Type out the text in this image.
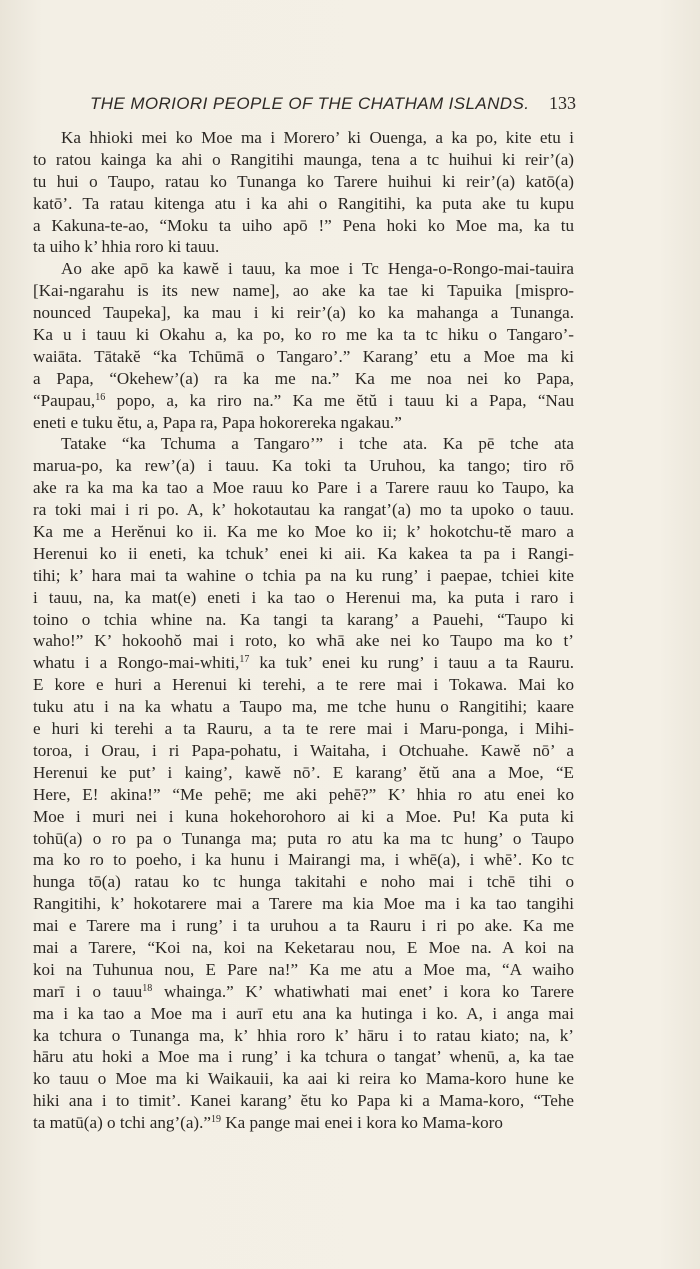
THE MORIORI PEOPLE OF THE CHATHAM ISLANDS. 133
Ka hhioki mei ko Moe ma i Morero’ ki Ouenga, a ka po, kite etu i
to ratou kainga ka ahi o Rangitihi maunga, tena a tc huihui ki reir’(a)
tu hui o Taupo, ratau ko Tunanga ko Tarere huihui ki reir’(a) katō(a)
katō’. Ta ratau kitenga atu i ka ahi o Rangitihi, ka puta ake tu kupu
a Kakuna-te-ao, “Moku ta uiho apō !” Pena hoki ko Moe ma, ka tu
ta uiho k’ hhia roro ki tauu.
Ao ake apō ka kawĕ i tauu, ka moe i Tc Henga-o-Rongo-mai-tauira
[Kai-ngarahu is its new name], ao ake ka tae ki Tapuika [mispro-
nounced Taupeka], ka mau i ki reir’(a) ko ka mahanga a Tunanga.
Ka u i tauu ki Okahu a, ka po, ko ro me ka ta tc hiku o Tangaro’-
waiāta. Tātakĕ “ka Tchūmā o Tangaro’.” Karang’ etu a Moe ma ki
a Papa, “Okehew’(a) ra ka me na.” Ka me noa nei ko Papa,
“Paupau,$^{16}$ popo, a, ka riro na.” Ka me ĕtŭ i tauu ki a Papa, “Nau
eneti e tuku ĕtu, a, Papa ra, Papa hokorereka ngakau.”
Tatake “ka Tchuma a Tangaro’” i tche ata. Ka pē tche ata
marua-po, ka rew’(a) i tauu. Ka toki ta Uruhou, ka tango; tiro rō
ake ra ka ma ka tao a Moe rauu ko Pare i a Tarere rauu ko Taupo, ka
ra toki mai i ri po. A, k’ hokotautau ka rangat’(a) mo ta upoko o tauu.
Ka me a Herĕnui ko ii. Ka me ko Moe ko ii; k’ hokotchu-tĕ maro a
Herenui ko ii eneti, ka tchuk’ enei ki aii. Ka kakea ta pa i Rangi-
tihi; k’ hara mai ta wahine o tchia pa na ku rung’ i paepae, tchiei kite
i tauu, na, ka mat(e) eneti i ka tao o Herenui ma, ka puta i raro i
toino o tchia whine na. Ka tangi ta karang’ a Pauehi, “Taupo ki
waho!” K’ hokoohŏ mai i roto, ko whā ake nei ko Taupo ma ko t’
whatu i a Rongo-mai-whiti,$^{17}$ ka tuk’ enei ku rung’ i tauu a ta Rauru.
E kore e huri a Herenui ki terehi, a te rere mai i Tokawa. Mai ko
tuku atu i na ka whatu a Taupo ma, me tche hunu o Rangitihi; kaare
e huri ki terehi a ta Rauru, a ta te rere mai i Maru-ponga, i Mihi-
toroa, i Orau, i ri Papa-pohatu, i Waitaha, i Otchuahe. Kawĕ nō’ a
Herenui ke put’ i kaing’, kawĕ nō’. E karang’ ĕtŭ ana a Moe, “E
Here, E! akina!” “Me pehē; me aki pehē?” K’ hhia ro atu enei ko
Moe i muri nei i kuna hokehorohoro ai ki a Moe. Pu! Ka puta ki
tohū(a) o ro pa o Tunanga ma; puta ro atu ka ma tc hung’ o Taupo
ma ko ro to poeho, i ka hunu i Mairangi ma, i whē(a), i whē’. Ko tc
hunga tō(a) ratau ko tc hunga takitahi e noho mai i tchē tihi o
Rangitihi, k’ hokotarere mai a Tarere ma kia Moe ma i ka tao tangihi
mai e Tarere ma i rung’ i ta uruhou a ta Rauru i ri po ake. Ka me
mai a Tarere, “Koi na, koi na Keketarau nou, E Moe na. A koi na
koi na Tuhunua nou, E Pare na!” Ka me atu a Moe ma, “A waiho
marī i o tauu$^{18}$ whainga.” K’ whatiwhati mai enet’ i kora ko Tarere
ma i ka tao a Moe ma i aurī etu ana ka hutinga i ko. A, i anga mai
ka tchura o Tunanga ma, k’ hhia roro k’ hāru i to ratau kiato; na, k’
hāru atu hoki a Moe ma i rung’ i ka tchura o tangat’ whenū, a, ka tae
ko tauu o Moe ma ki Waikauii, ka aai ki reira ko Mama-koro hune ke
hiki ana i to timit’. Kanei karang’ ĕtu ko Papa ki a Mama-koro, “Tehe
ta matū(a) o tchi ang’(a).”$^{19}$ Ka pange mai enei i kora ko Mama-koro
